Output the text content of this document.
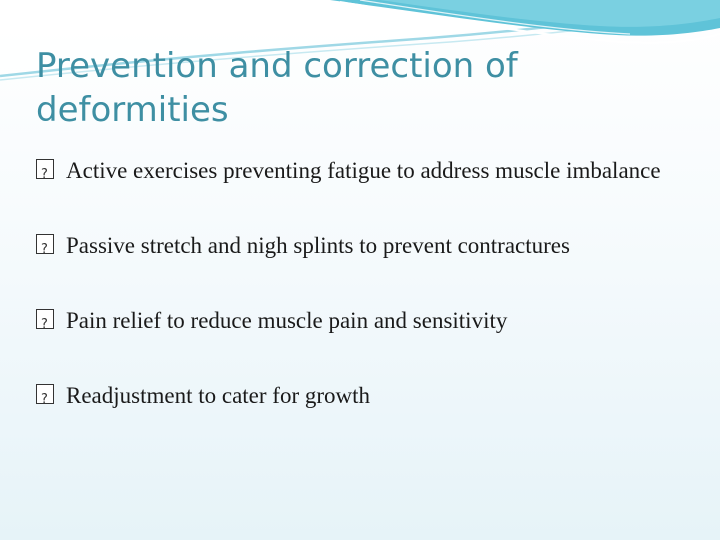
Prevention and correction of deformities
?
Active exercises preventing fatigue to address muscle imbalance
?
Passive stretch and nigh splints to prevent contractures
?
Pain relief to reduce muscle pain and sensitivity
?
Readjustment to cater for growth
